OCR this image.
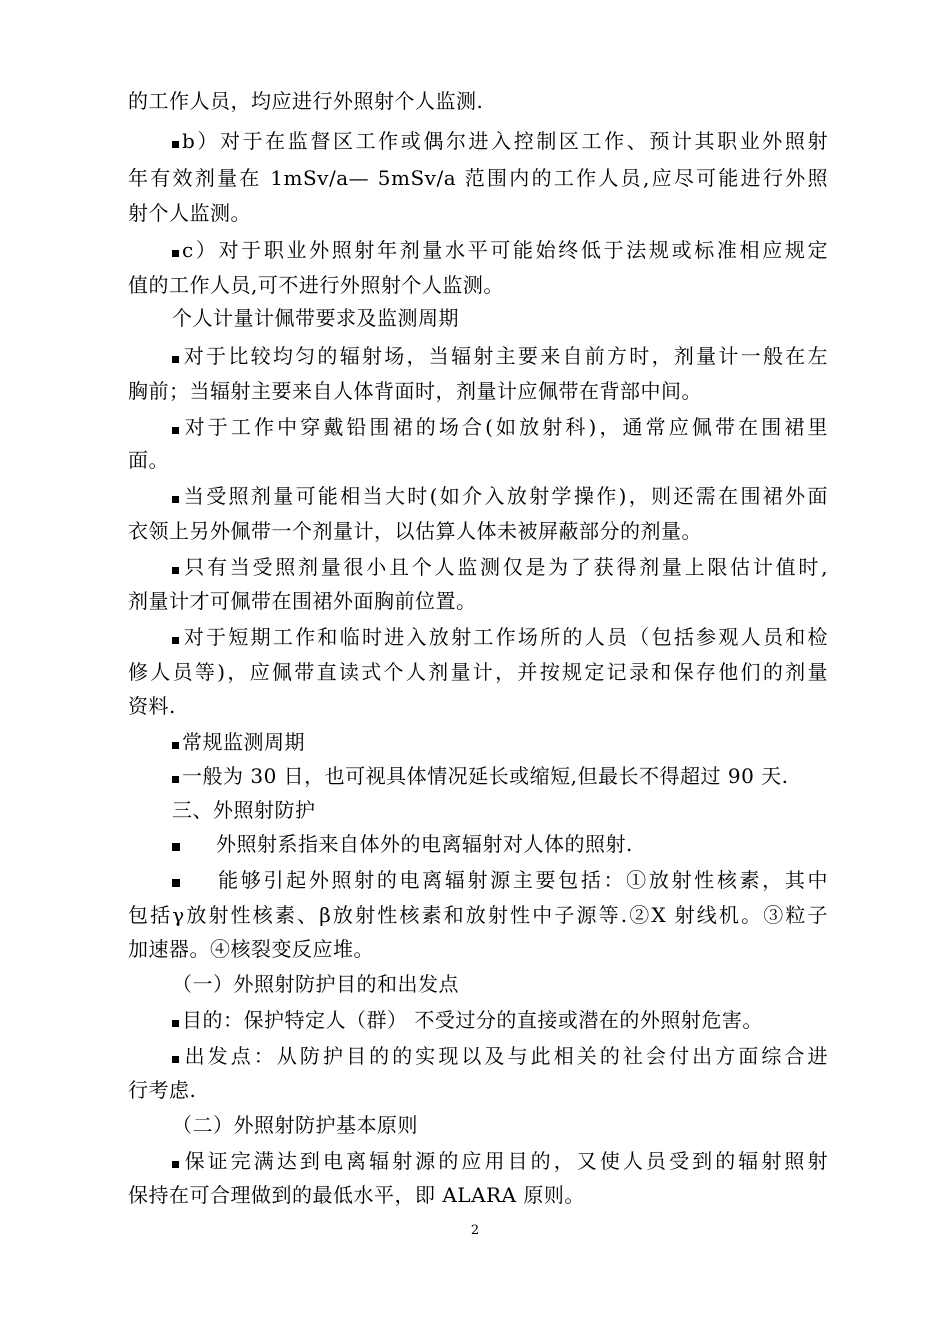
的工作人员，均应进行外照射个人监测.
b）对于在监督区工作或偶尔进入控制区工作、预计其职业外照射
年有效剂量在 1mSv/a— 5mSv/a 范围内的工作人员,应尽可能进行外照
射个人监测。
c）对于职业外照射年剂量水平可能始终低于法规或标准相应规定
值的工作人员,可不进行外照射个人监测。
个人计量计佩带要求及监测周期
对于比较均匀的辐射场，当辐射主要来自前方时，剂量计一般在左
胸前；当辐射主要来自人体背面时，剂量计应佩带在背部中间。
对于工作中穿戴铅围裙的场合(如放射科)，通常应佩带在围裙里
面。
当受照剂量可能相当大时(如介入放射学操作)，则还需在围裙外面
衣领上另外佩带一个剂量计，以估算人体未被屏蔽部分的剂量。
只有当受照剂量很小且个人监测仅是为了获得剂量上限估计值时,
剂量计才可佩带在围裙外面胸前位置。
对于短期工作和临时进入放射工作场所的人员（包括参观人员和检
修人员等)，应佩带直读式个人剂量计，并按规定记录和保存他们的剂量
资料.
常规监测周期
一般为 30 日，也可视具体情况延长或缩短,但最长不得超过 90 天.
三、外照射防护
外照射系指来自体外的电离辐射对人体的照射.
能够引起外照射的电离辐射源主要包括：①放射性核素，其中
包括γ放射性核素、β放射性核素和放射性中子源等.②X 射线机。③粒子
加速器。④核裂变反应堆。
（一）外照射防护目的和出发点
目的：保护特定人（群） 不受过分的直接或潜在的外照射危害。
出发点：从防护目的的实现以及与此相关的社会付出方面综合进
行考虑.
（二）外照射防护基本原则
保证完满达到电离辐射源的应用目的，又使人员受到的辐射照射
保持在可合理做到的最低水平，即 ALARA 原则。
2
